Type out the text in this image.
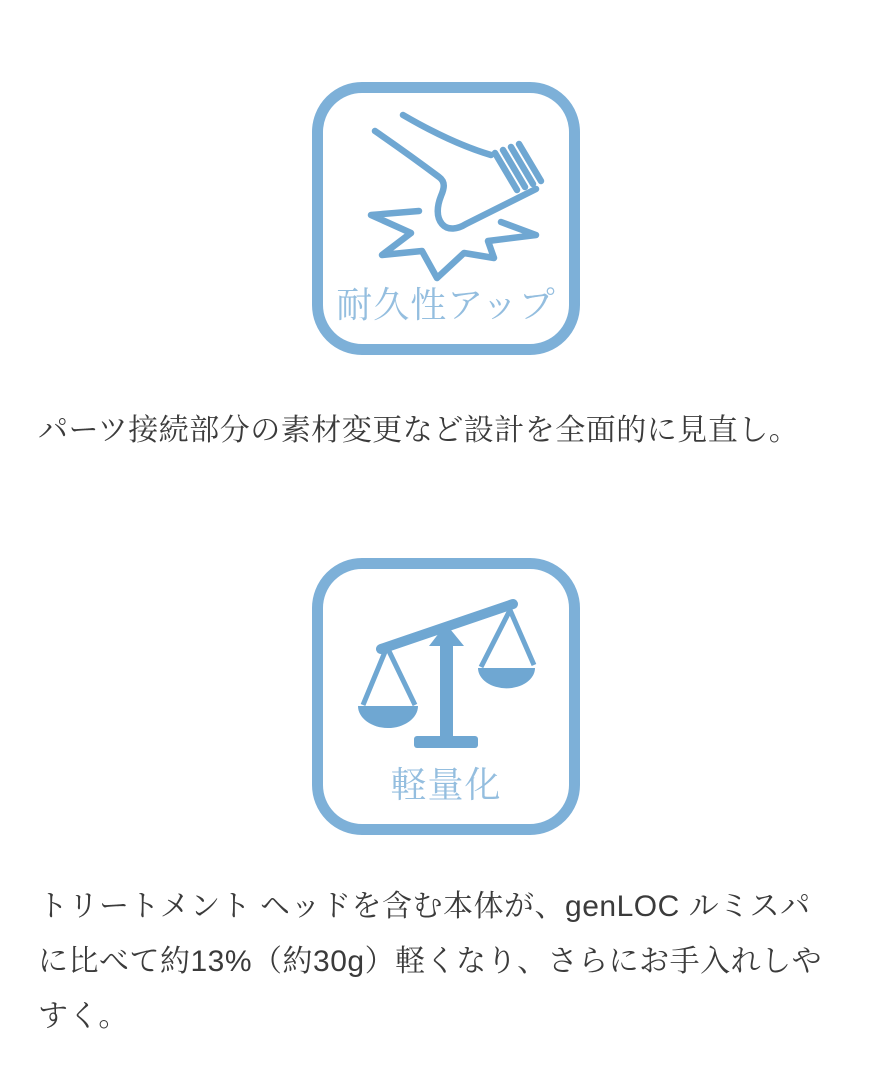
耐久性アップ

パーツ接続部分の素材変更など設計を全面的に見直し。

軽量化

トリートメント ヘッドを含む本体が、genLOC ルミスパ
に比べて約13%（約30g）軽くなり、さらにお手入れしや
すく。
